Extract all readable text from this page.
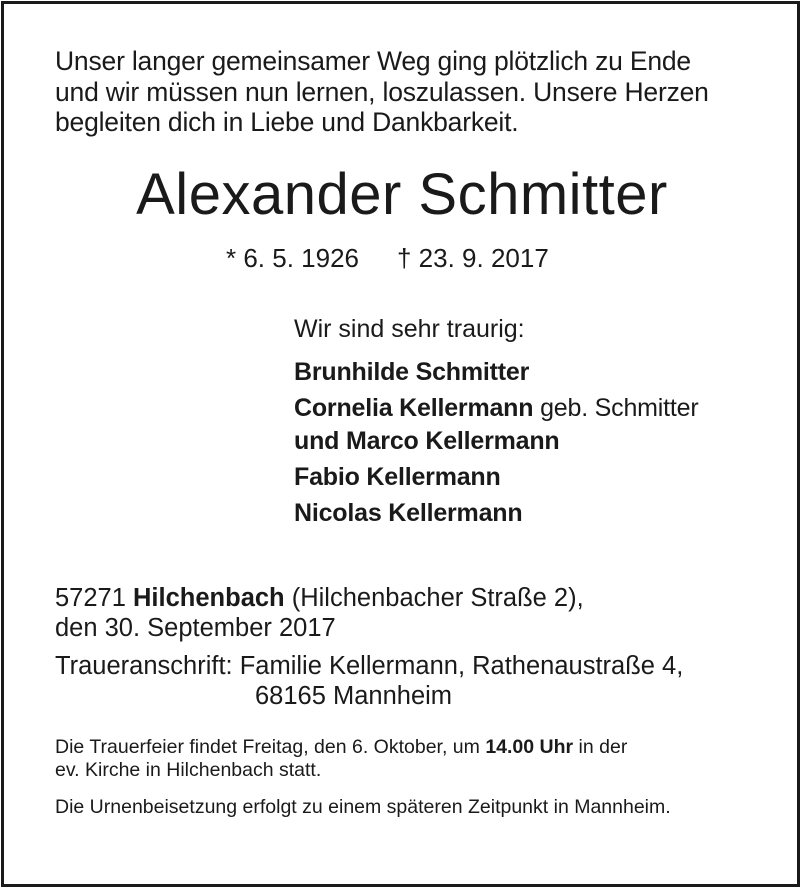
Unser langer gemeinsamer Weg ging plötzlich zu Ende
und wir müssen nun lernen, loszulassen. Unsere Herzen
begleiten dich in Liebe und Dankbarkeit.
Alexander Schmitter
* 6. 5. 1926 † 23. 9. 2017
Wir sind sehr traurig:
Brunhilde Schmitter
Cornelia Kellermann geb. Schmitter
und Marco Kellermann
Fabio Kellermann
Nicolas Kellermann
57271 Hilchenbach (Hilchenbacher Straße 2),
den 30. September 2017
Traueranschrift: Familie Kellermann, Rathenaustraße 4,
68165 Mannheim
Die Trauerfeier findet Freitag, den 6. Oktober, um 14.00 Uhr in der
ev. Kirche in Hilchenbach statt.
Die Urnenbeisetzung erfolgt zu einem späteren Zeitpunkt in Mannheim.
